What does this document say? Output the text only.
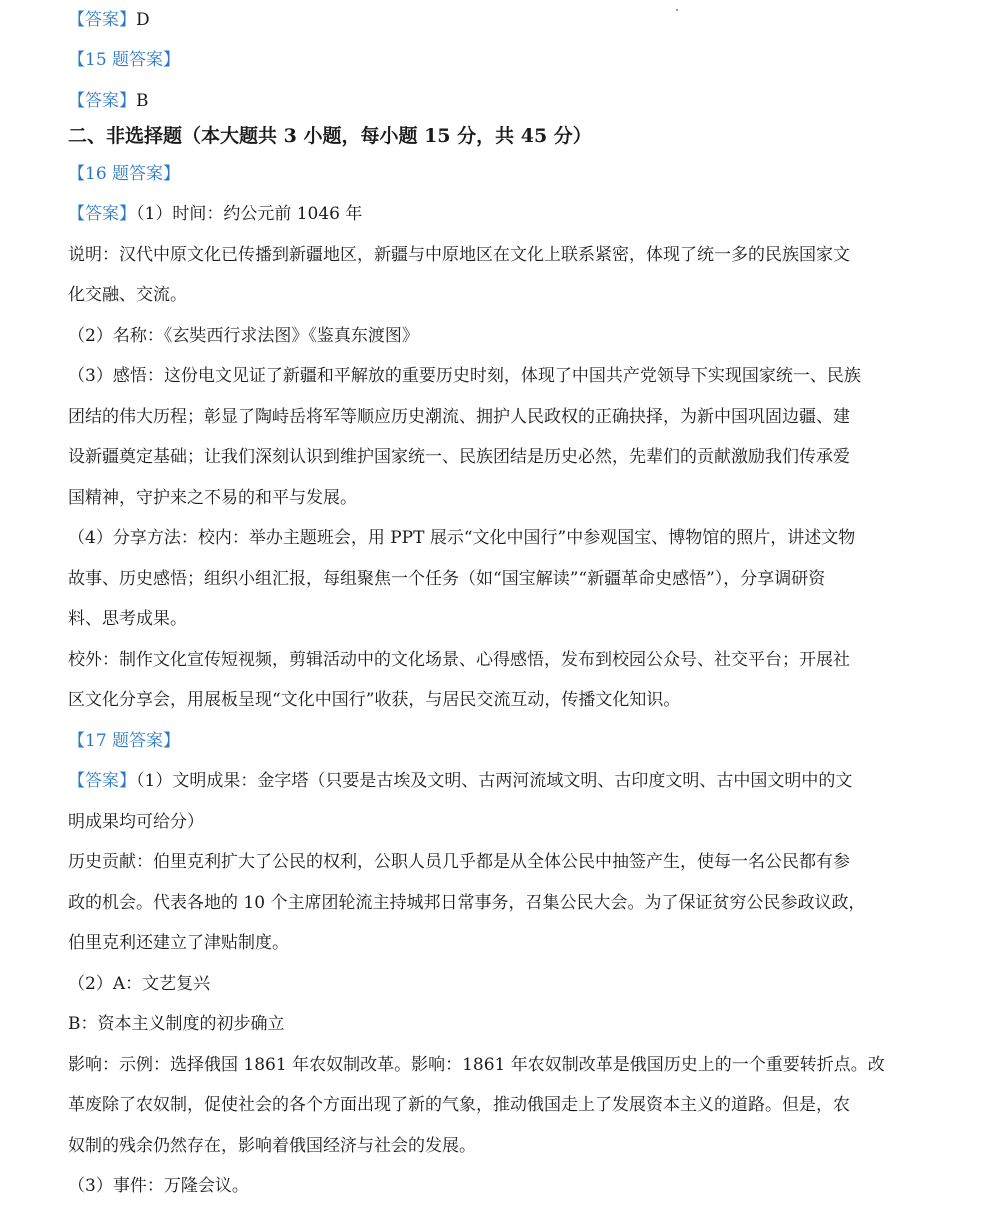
【答案】D
【15 题答案】
【答案】B
二、非选择题（本大题共 3 小题，每小题 15 分，共 45 分）
【16 题答案】
【答案】（1）时间：约公元前 1046 年
说明：汉代中原文化已传播到新疆地区，新疆与中原地区在文化上联系紧密，体现了统一多的民族国家文
化交融、交流。
（2）名称：《玄奘西行求法图》《鉴真东渡图》
（3）感悟：这份电文见证了新疆和平解放的重要历史时刻，体现了中国共产党领导下实现国家统一、民族
团结的伟大历程；彰显了陶峙岳将军等顺应历史潮流、拥护人民政权的正确抉择，为新中国巩固边疆、建
设新疆奠定基础；让我们深刻认识到维护国家统一、民族团结是历史必然，先辈们的贡献激励我们传承爱
国精神，守护来之不易的和平与发展。
（4）分享方法：校内：举办主题班会，用 PPT 展示“文化中国行”中参观国宝、博物馆的照片，讲述文物
故事、历史感悟；组织小组汇报，每组聚焦一个任务（如“国宝解读”“新疆革命史感悟”），分享调研资
料、思考成果。
校外：制作文化宣传短视频，剪辑活动中的文化场景、心得感悟，发布到校园公众号、社交平台；开展社
区文化分享会，用展板呈现“文化中国行”收获，与居民交流互动，传播文化知识。
【17 题答案】
【答案】（1）文明成果：金字塔（只要是古埃及文明、古两河流域文明、古印度文明、古中国文明中的文
明成果均可给分）
历史贡献：伯里克利扩大了公民的权利，公职人员几乎都是从全体公民中抽签产生，使每一名公民都有参
政的机会。代表各地的 10 个主席团轮流主持城邦日常事务，召集公民大会。为了保证贫穷公民参政议政，
伯里克利还建立了津贴制度。
（2）A：文艺复兴
B：资本主义制度的初步确立
影响：示例：选择俄国 1861 年农奴制改革。影响：1861 年农奴制改革是俄国历史上的一个重要转折点。改
革废除了农奴制，促使社会的各个方面出现了新的气象，推动俄国走上了发展资本主义的道路。但是，农
奴制的残余仍然存在，影响着俄国经济与社会的发展。
（3）事件：万隆会议。
